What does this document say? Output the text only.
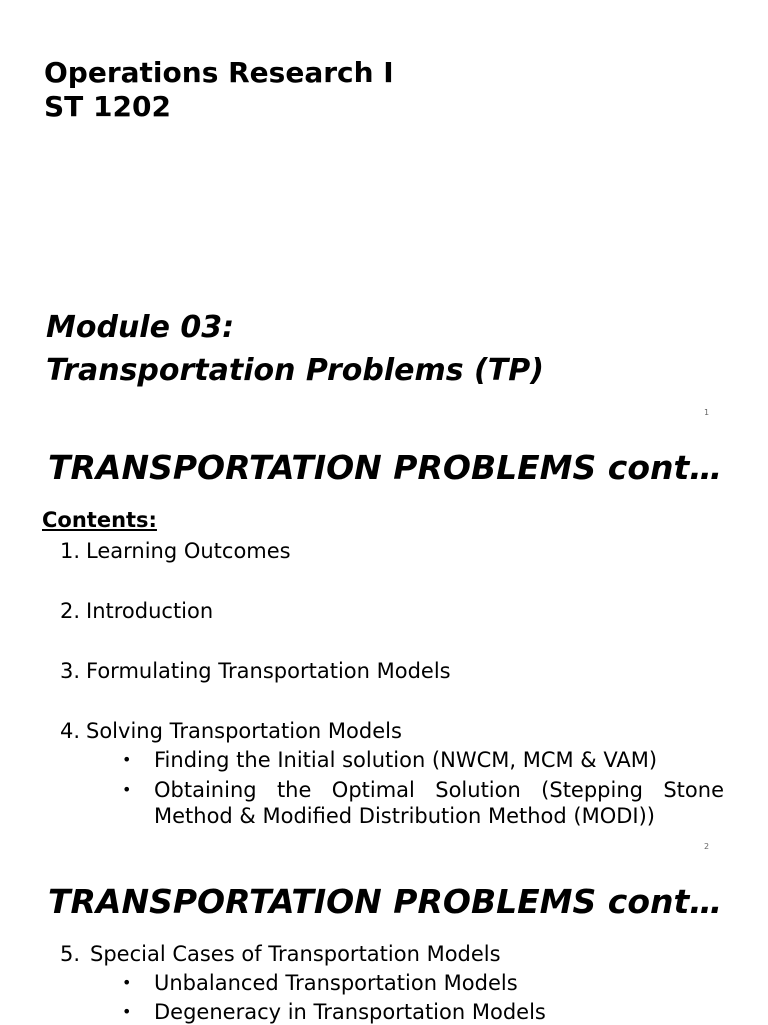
Operations Research I
ST 1202
Module 03:
Transportation Problems (TP)
1
TRANSPORTATION PROBLEMS cont…
Contents:
1. Learning Outcomes
2. Introduction
3. Formulating Transportation Models
4. Solving Transportation Models
• Finding the Initial solution (NWCM, MCM & VAM)
• Obtaining the Optimal Solution (Stepping Stone Method & Modified Distribution Method (MODI))
2
TRANSPORTATION PROBLEMS cont…
5. Special Cases of Transportation Models
• Unbalanced Transportation Models
• Degeneracy in Transportation Models
